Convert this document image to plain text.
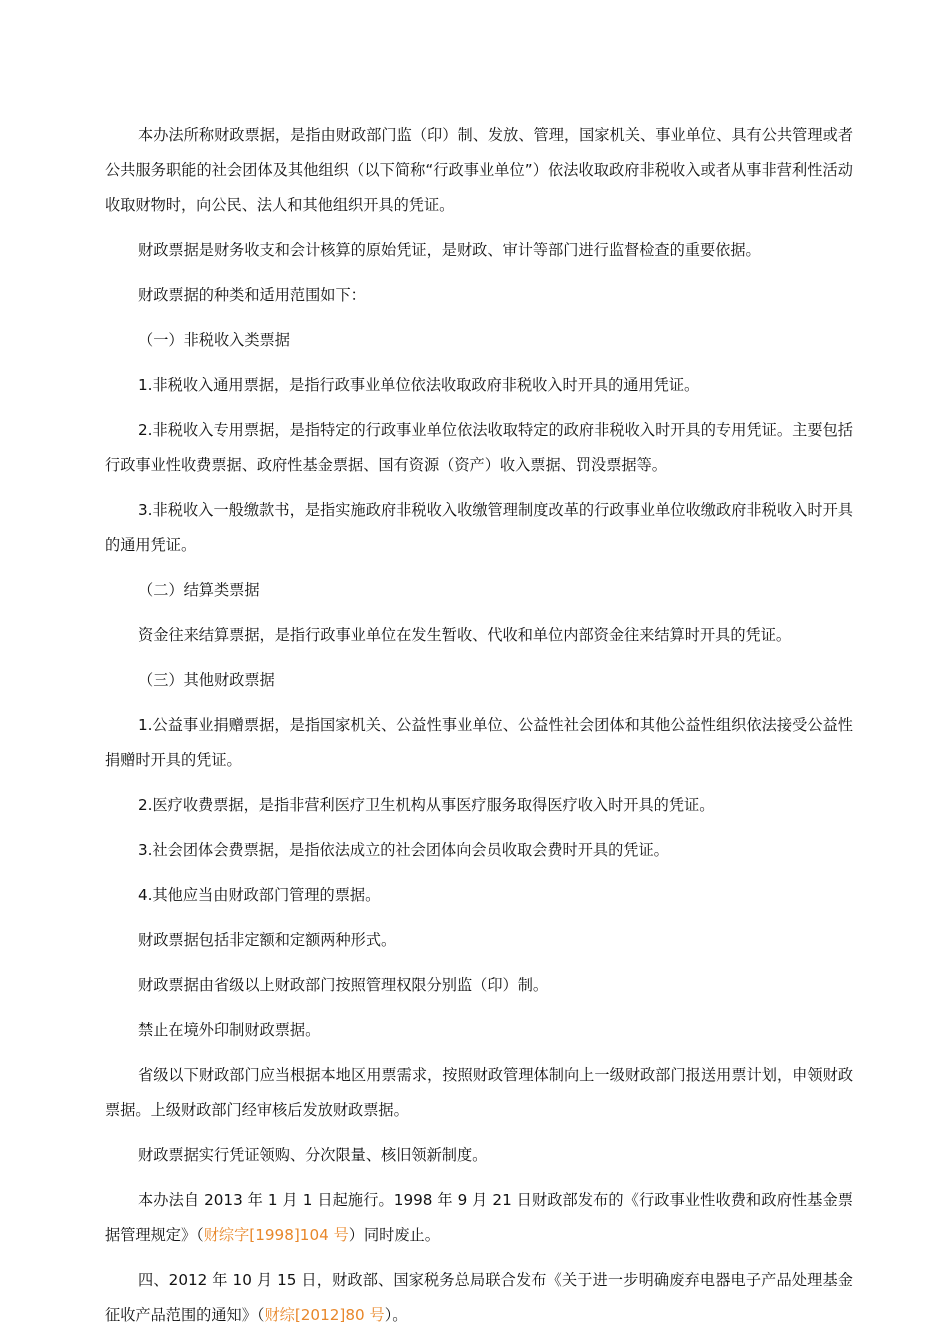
本办法所称财政票据，是指由财政部门监（印）制、发放、管理，国家机关、事业单位、具有公共管理或者公共服务职能的社会团体及其他组织（以下简称“行政事业单位”）依法收取政府非税收入或者从事非营利性活动收取财物时，向公民、法人和其他组织开具的凭证。

财政票据是财务收支和会计核算的原始凭证，是财政、审计等部门进行监督检查的重要依据。

财政票据的种类和适用范围如下：

（一）非税收入类票据

1.非税收入通用票据，是指行政事业单位依法收取政府非税收入时开具的通用凭证。

2.非税收入专用票据，是指特定的行政事业单位依法收取特定的政府非税收入时开具的专用凭证。主要包括行政事业性收费票据、政府性基金票据、国有资源（资产）收入票据、罚没票据等。

3.非税收入一般缴款书，是指实施政府非税收入收缴管理制度改革的行政事业单位收缴政府非税收入时开具的通用凭证。

（二）结算类票据

资金往来结算票据，是指行政事业单位在发生暂收、代收和单位内部资金往来结算时开具的凭证。

（三）其他财政票据

1.公益事业捐赠票据，是指国家机关、公益性事业单位、公益性社会团体和其他公益性组织依法接受公益性捐赠时开具的凭证。

2.医疗收费票据，是指非营利医疗卫生机构从事医疗服务取得医疗收入时开具的凭证。

3.社会团体会费票据，是指依法成立的社会团体向会员收取会费时开具的凭证。

4.其他应当由财政部门管理的票据。

财政票据包括非定额和定额两种形式。

财政票据由省级以上财政部门按照管理权限分别监（印）制。

禁止在境外印制财政票据。

省级以下财政部门应当根据本地区用票需求，按照财政管理体制向上一级财政部门报送用票计划，申领财政票据。上级财政部门经审核后发放财政票据。

财政票据实行凭证领购、分次限量、核旧领新制度。

本办法自 2013 年 1 月 1 日起施行。1998 年 9 月 21 日财政部发布的《行政事业性收费和政府性基金票据管理规定》（财综字[1998]104 号）同时废止。

四、2012 年 10 月 15 日，财政部、国家税务总局联合发布《关于进一步明确废弃电器电子产品处理基金征收产品范围的通知》（财综[2012]80 号）。
